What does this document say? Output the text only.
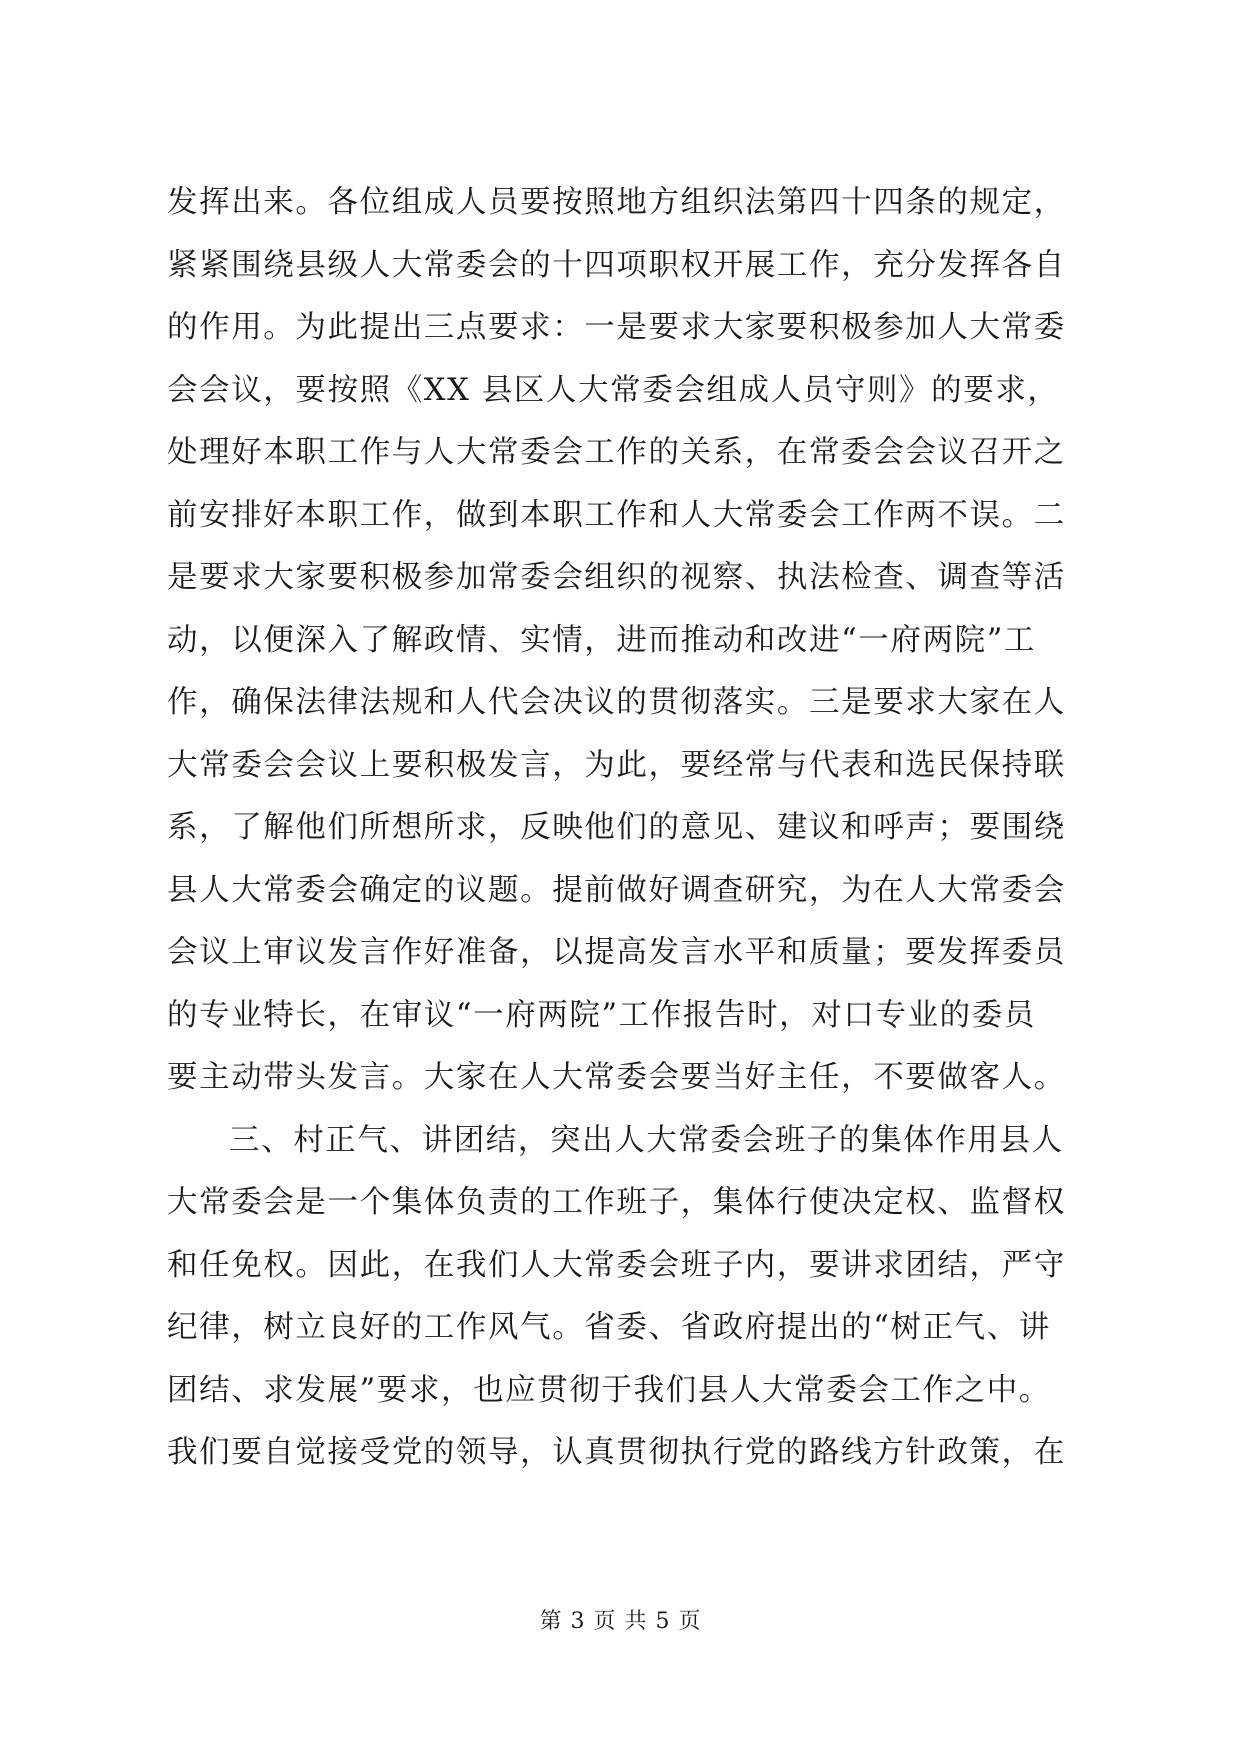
发挥出来。各位组成人员要按照地方组织法第四十四条的规定，
紧紧围绕县级人大常委会的十四项职权开展工作，充分发挥各自
的作用。为此提出三点要求：一是要求大家要积极参加人大常委
会会议，要按照《XX 县区人大常委会组成人员守则》的要求，
处理好本职工作与人大常委会工作的关系，在常委会会议召开之
前安排好本职工作，做到本职工作和人大常委会工作两不误。二
是要求大家要积极参加常委会组织的视察、执法检查、调查等活
动，以便深入了解政情、实情，进而推动和改进“一府两院”工
作，确保法律法规和人代会决议的贯彻落实。三是要求大家在人
大常委会会议上要积极发言，为此，要经常与代表和选民保持联
系，了解他们所想所求，反映他们的意见、建议和呼声；要围绕
县人大常委会确定的议题。提前做好调查研究，为在人大常委会
会议上审议发言作好准备，以提高发言水平和质量；要发挥委员
的专业特长，在审议“一府两院”工作报告时，对口专业的委员
要主动带头发言。大家在人大常委会要当好主任，不要做客人。
三、村正气、讲团结，突出人大常委会班子的集体作用县人
大常委会是一个集体负责的工作班子，集体行使决定权、监督权
和任免权。因此，在我们人大常委会班子内，要讲求团结，严守
纪律，树立良好的工作风气。省委、省政府提出的“树正气、讲
团结、求发展”要求，也应贯彻于我们县人大常委会工作之中。
我们要自觉接受党的领导，认真贯彻执行党的路线方针政策，在
第 3 页 共 5 页
